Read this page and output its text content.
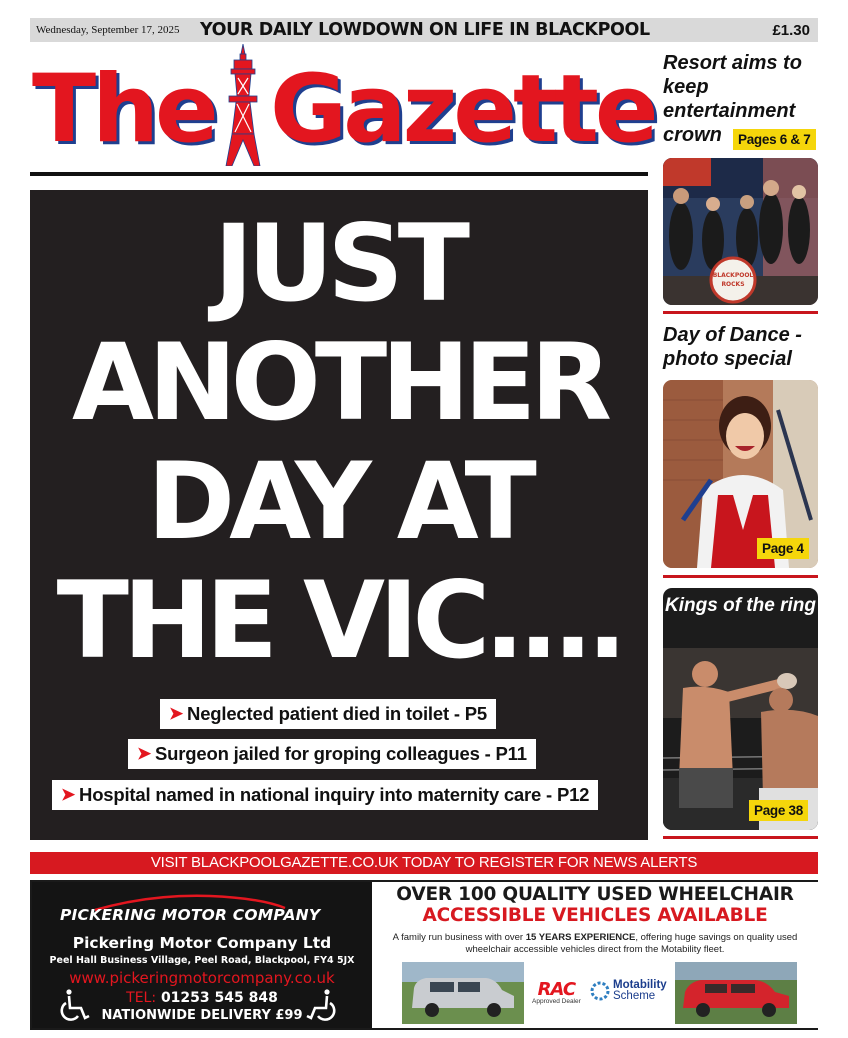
Wednesday, September 17, 2025	YOUR DAILY LOWDOWN ON LIFE IN BLACKPOOL	£1.30
The Gazette
JUST
ANOTHER
DAY AT
THE VIC....
➤ Neglected patient died in toilet - P5
➤ Surgeon jailed for groping colleagues - P11
➤ Hospital named in national inquiry into maternity care - P12
Resort aims to keep entertainment crown	Pages 6 & 7
BLACKPOOL
ROCKS
Day of Dance - photo special
Page 4
Kings of the ring
Page 38
VISIT BLACKPOOLGAZETTE.CO.UK TODAY TO REGISTER FOR NEWS ALERTS
PICKERING MOTOR COMPANY
Pickering Motor Company Ltd
Peel Hall Business Village, Peel Road, Blackpool, FY4 5JX
www.pickeringmotorcompany.co.uk
TEL: 01253 545 848
NATIONWIDE DELIVERY £99
OVER 100 QUALITY USED WHEELCHAIR
ACCESSIBLE VEHICLES AVAILABLE
A family run business with over 15 YEARS EXPERIENCE, offering huge savings on quality used wheelchair accessible vehicles direct from the Motability fleet.
RAC
Approved Dealer
Motability
Scheme
